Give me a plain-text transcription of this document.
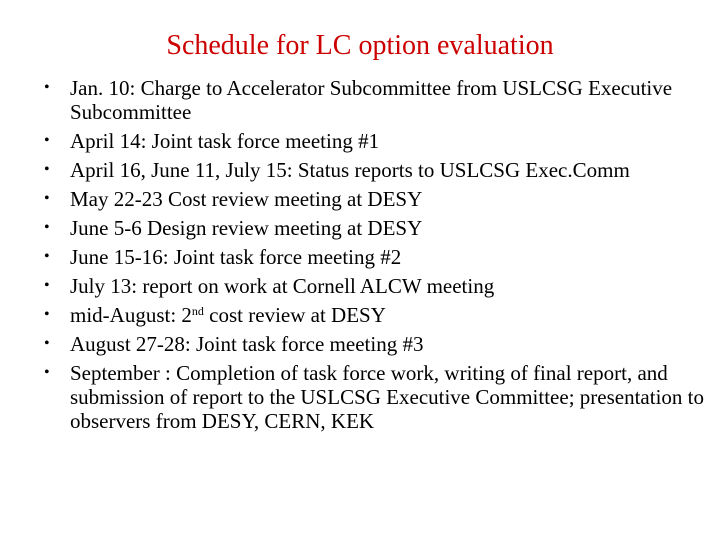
Schedule for LC option evaluation
• Jan. 10: Charge to Accelerator Subcommittee from USLCSG Executive Subcommittee
• April 14: Joint task force meeting #1
• April 16, June 11, July 15: Status reports to USLCSG Exec.Comm
• May 22-23 Cost review meeting at DESY
• June 5-6 Design review meeting at DESY
• June 15-16: Joint task force meeting #2
• July 13: report on work at Cornell ALCW meeting
• mid-August: 2nd cost review at DESY
• August 27-28: Joint task force meeting #3
• September : Completion of task force work, writing of final report, and submission of report to the USLCSG Executive Committee; presentation to observers from DESY, CERN, KEK
